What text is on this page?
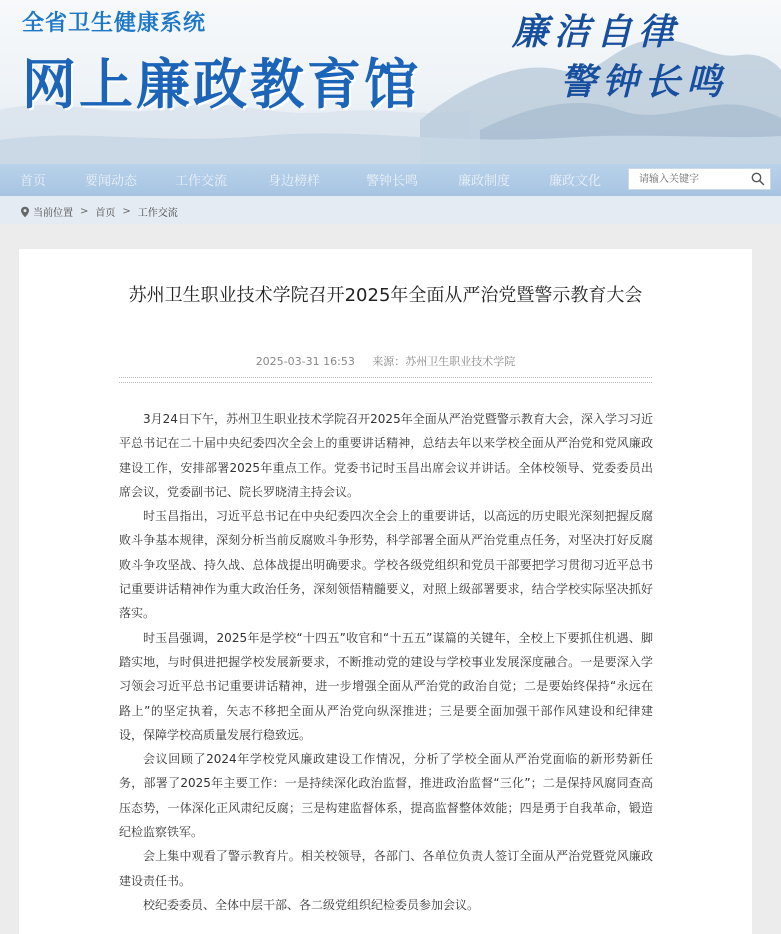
全省卫生健康系统
网上廉政教育馆
廉洁自律
警钟长鸣
首页	要闻动态	工作交流	身边榜样	警钟长鸣	廉政制度	廉政文化
请输入关键字
当前位置 > 首页 > 工作交流
苏州卫生职业技术学院召开2025年全面从严治党暨警示教育大会
2025-03-31 16:53 来源：苏州卫生职业技术学院

3月24日下午，苏州卫生职业技术学院召开2025年全面从严治党暨警示教育大会，深入学习习近平总书记在二十届中央纪委四次全会上的重要讲话精神，总结去年以来学校全面从严治党和党风廉政建设工作，安排部署2025年重点工作。党委书记时玉昌出席会议并讲话。全体校领导、党委委员出席会议，党委副书记、院长罗晓清主持会议。

时玉昌指出，习近平总书记在中央纪委四次全会上的重要讲话，以高远的历史眼光深刻把握反腐败斗争基本规律，深刻分析当前反腐败斗争形势，科学部署全面从严治党重点任务，对坚决打好反腐败斗争攻坚战、持久战、总体战提出明确要求。学校各级党组织和党员干部要把学习贯彻习近平总书记重要讲话精神作为重大政治任务，深刻领悟精髓要义，对照上级部署要求，结合学校实际坚决抓好落实。

时玉昌强调，2025年是学校“十四五”收官和“十五五”谋篇的关键年，全校上下要抓住机遇、脚踏实地，与时俱进把握学校发展新要求，不断推动党的建设与学校事业发展深度融合。一是要深入学习领会习近平总书记重要讲话精神，进一步增强全面从严治党的政治自觉；二是要始终保持“永远在路上”的坚定执着，矢志不移把全面从严治党向纵深推进；三是要全面加强干部作风建设和纪律建设，保障学校高质量发展行稳致远。

会议回顾了2024年学校党风廉政建设工作情况，分析了学校全面从严治党面临的新形势新任务，部署了2025年主要工作：一是持续深化政治监督，推进政治监督“三化”；二是保持风腐同查高压态势，一体深化正风肃纪反腐；三是构建监督体系，提高监督整体效能；四是勇于自我革命，锻造纪检监察铁军。

会上集中观看了警示教育片。相关校领导，各部门、各单位负责人签订全面从严治党暨党风廉政建设责任书。

校纪委委员、全体中层干部、各二级党组织纪检委员参加会议。
